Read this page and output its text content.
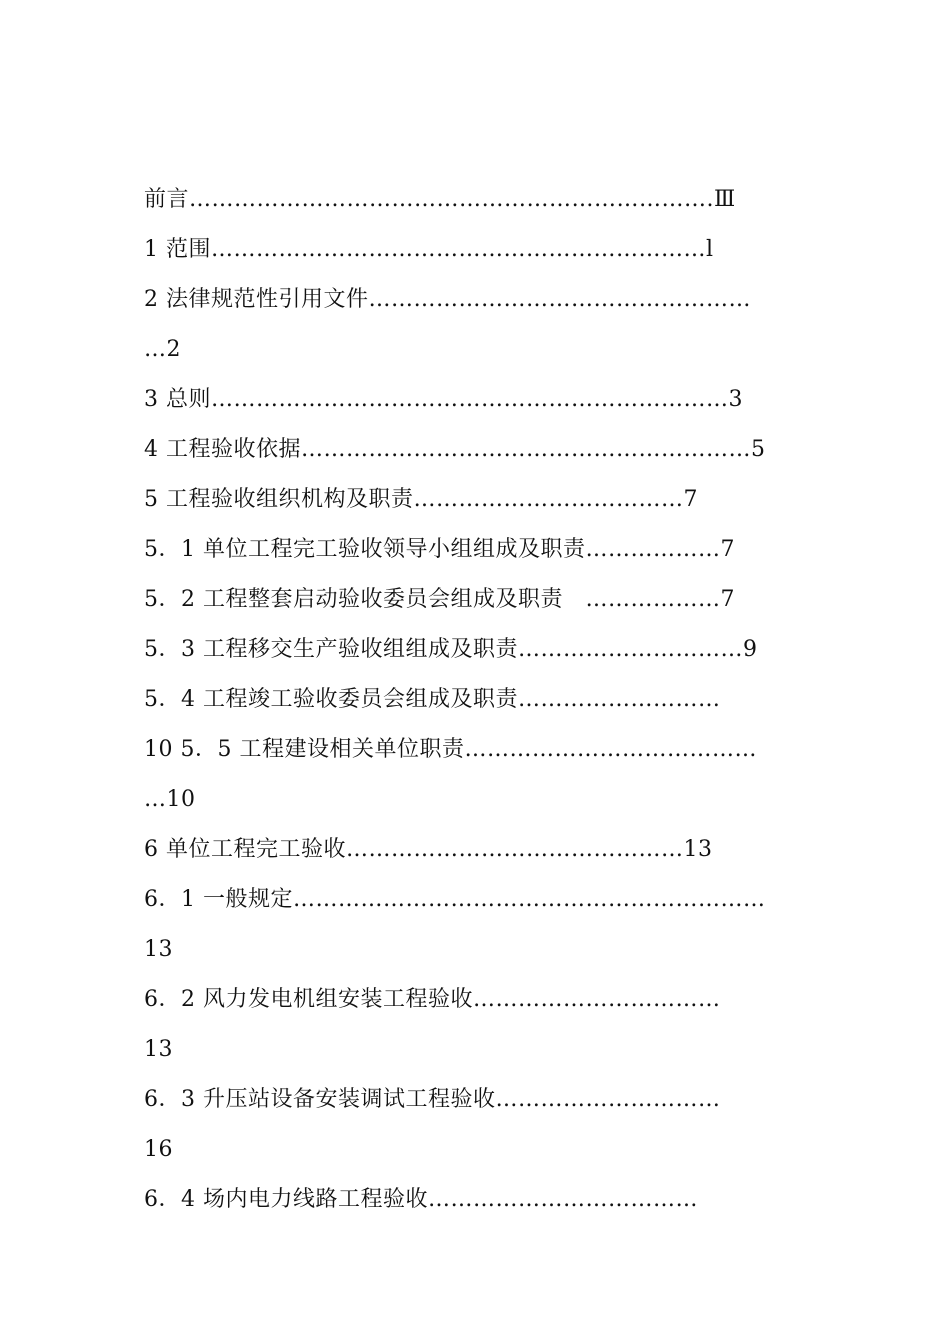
前言…………………………………………………………….Ⅲ
1 范围…………………………………………………………l
2 法律规范性引用文件……………………………………………
…2
3 总则……………………………………………………………3
4 工程验收依据……………………………………………………5
5 工程验收组织机构及职责………………………………7
5．1 单位工程完工验收领导小组组成及职责………………7
5．2 工程整套启动验收委员会组成及职责　………………7
5．3 工程移交生产验收组组成及职责…………………………9
5．4 工程竣工验收委员会组成及职责………………………
10 5．5 工程建设相关单位职责…………………………………
…10
6 单位工程完工验收………………………………………13
6．1 一般规定………………………………………………………
13
6．2 风力发电机组安装工程验收……………………………
13
6．3 升压站设备安装调试工程验收…………………………
16
6．4 场内电力线路工程验收………………………………
